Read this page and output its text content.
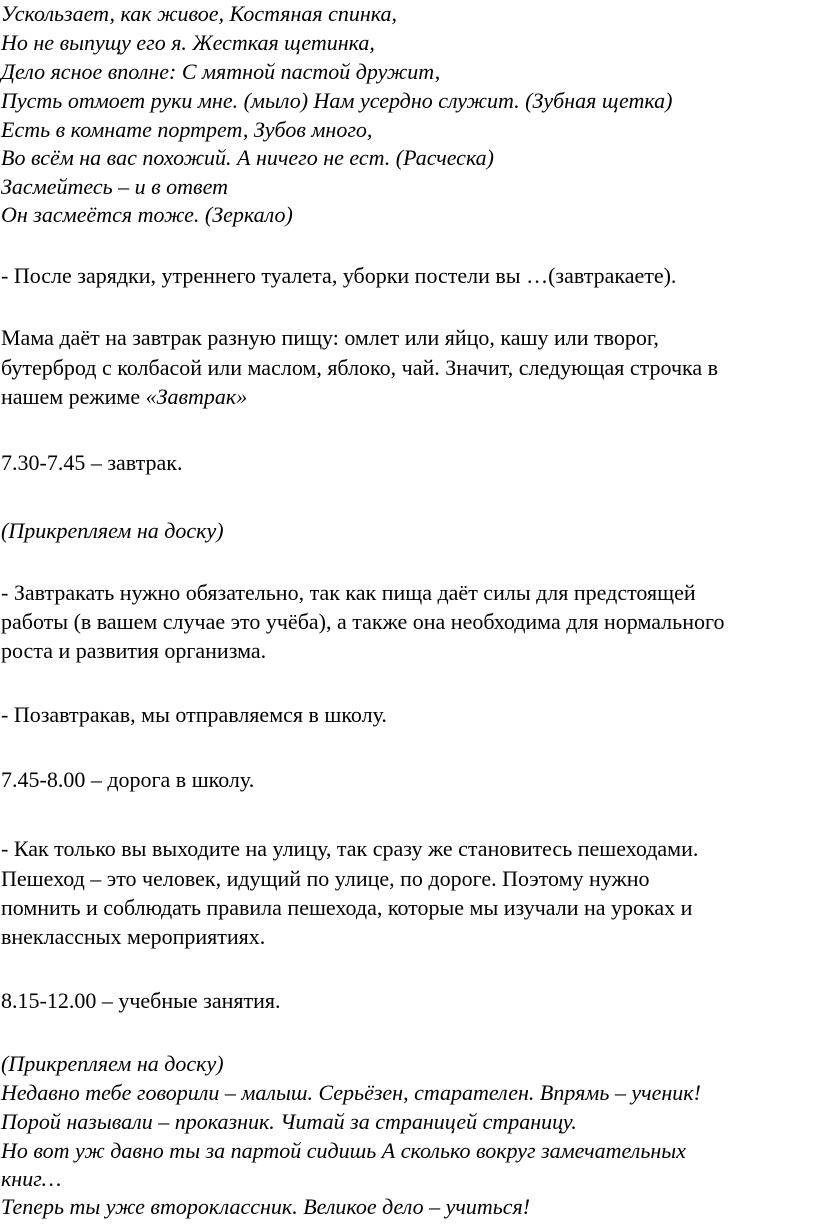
Ускользает, как живое, Костяная спинка,
Но не выпущу его я. Жесткая щетинка,
Дело ясное вполне: С мятной пастой дружит,
Пусть отмоет руки мне. (мыло) Нам усердно служит. (Зубная щетка)
Есть в комнате портрет, Зубов много,
Во всём на вас похожий. А ничего не ест. (Расческа)
Засмейтесь – и в ответ
Он засмеётся тоже. (Зеркало)
- После зарядки, утреннего туалета, уборки постели вы …(завтракаете).
Мама даёт на завтрак разную пищу: омлет или яйцо, кашу или творог,
бутерброд с колбасой или маслом, яблоко, чай. Значит, следующая строчка в
нашем режиме «Завтрак»
7.30-7.45 – завтрак.
(Прикрепляем на доску)
- Завтракать нужно обязательно, так как пища даёт силы для предстоящей
работы (в вашем случае это учёба), а также она необходима для нормального
роста и развития организма.
- Позавтракав, мы отправляемся в школу.
7.45-8.00 – дорога в школу.
- Как только вы выходите на улицу, так сразу же становитесь пешеходами.
Пешеход – это человек, идущий по улице, по дороге. Поэтому нужно
помнить и соблюдать правила пешехода, которые мы изучали на уроках и
внеклассных мероприятиях.
8.15-12.00 – учебные занятия.
(Прикрепляем на доску)
Недавно тебе говорили – малыш. Серьёзен, старателен. Впрямь – ученик!
Порой называли – проказник. Читай за страницей страницу.
Но вот уж давно ты за партой сидишь А сколько вокруг замечательных
книг…
Теперь ты уже второклассник. Великое дело – учиться!
